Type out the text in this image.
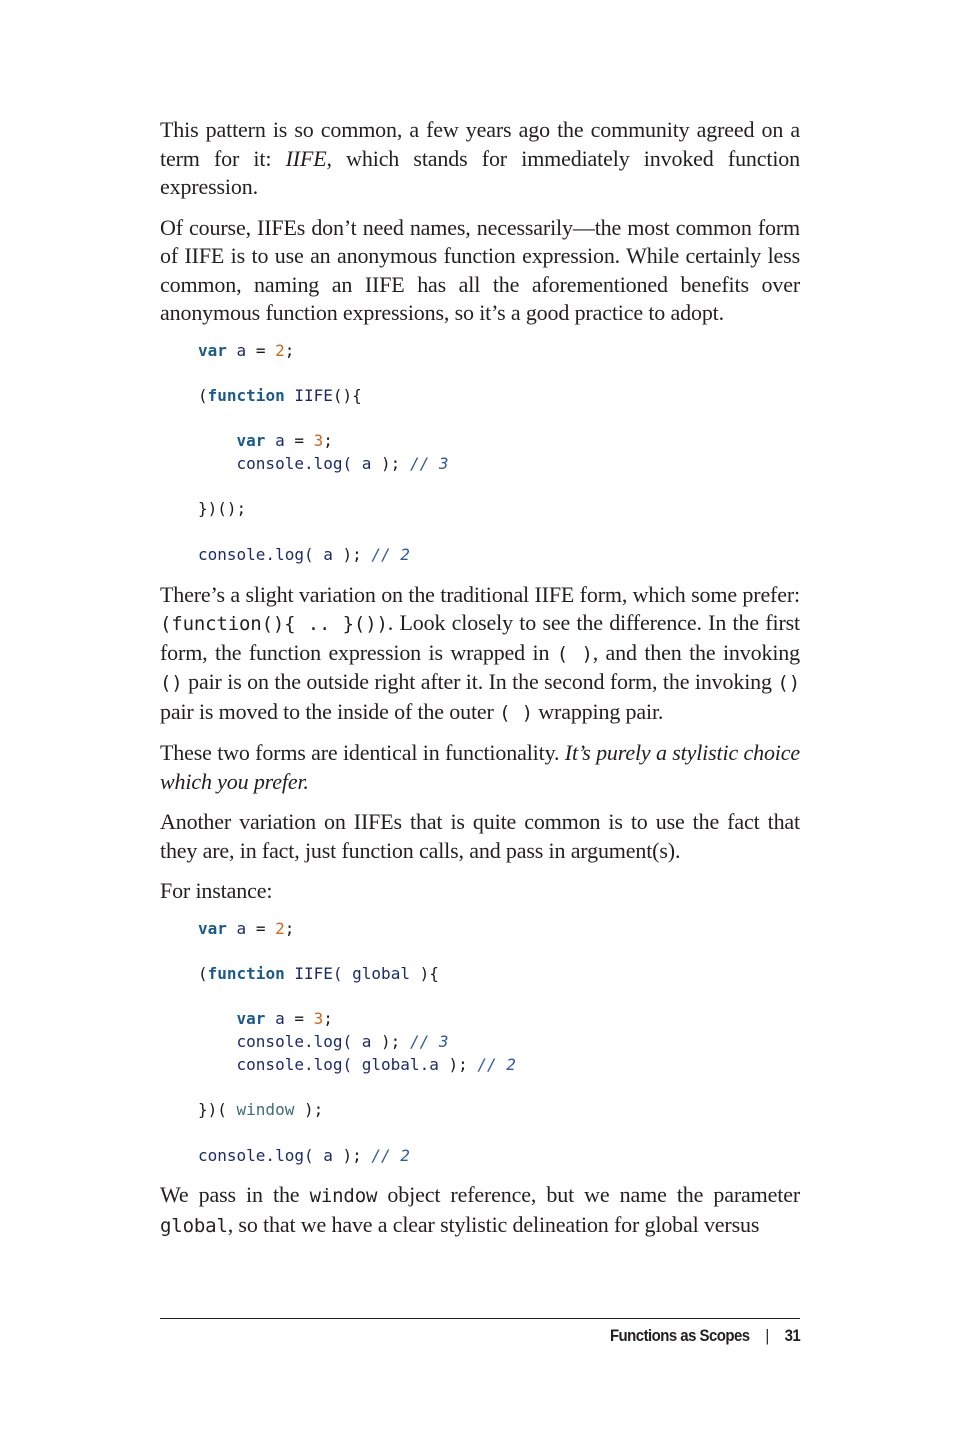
This pattern is so common, a few years ago the community agreed on a term for it: IIFE, which stands for immediately invoked function expression.

Of course, IIFEs don’t need names, necessarily—the most common form of IIFE is to use an anonymous function expression. While certainly less common, naming an IIFE has all the aforementioned benefits over anonymous function expressions, so it’s a good practice to adopt.

var a = 2;

(function IIFE(){

var a = 3;
console.log( a ); // 3

})();

console.log( a ); // 2

There’s a slight variation on the traditional IIFE form, which some prefer: (function(){ .. }()). Look closely to see the difference. In the first form, the function expression is wrapped in ( ), and then the invoking () pair is on the outside right after it. In the second form, the invoking () pair is moved to the inside of the outer ( ) wrapping pair.

These two forms are identical in functionality. It’s purely a stylistic choice which you prefer.

Another variation on IIFEs that is quite common is to use the fact that they are, in fact, just function calls, and pass in argument(s).

For instance:

var a = 2;

(function IIFE( global ){

var a = 3;
console.log( a ); // 3
console.log( global.a ); // 2

})( window );

console.log( a ); // 2

We pass in the window object reference, but we name the parameter global, so that we have a clear stylistic delineation for global versus

Functions as Scopes | 31
